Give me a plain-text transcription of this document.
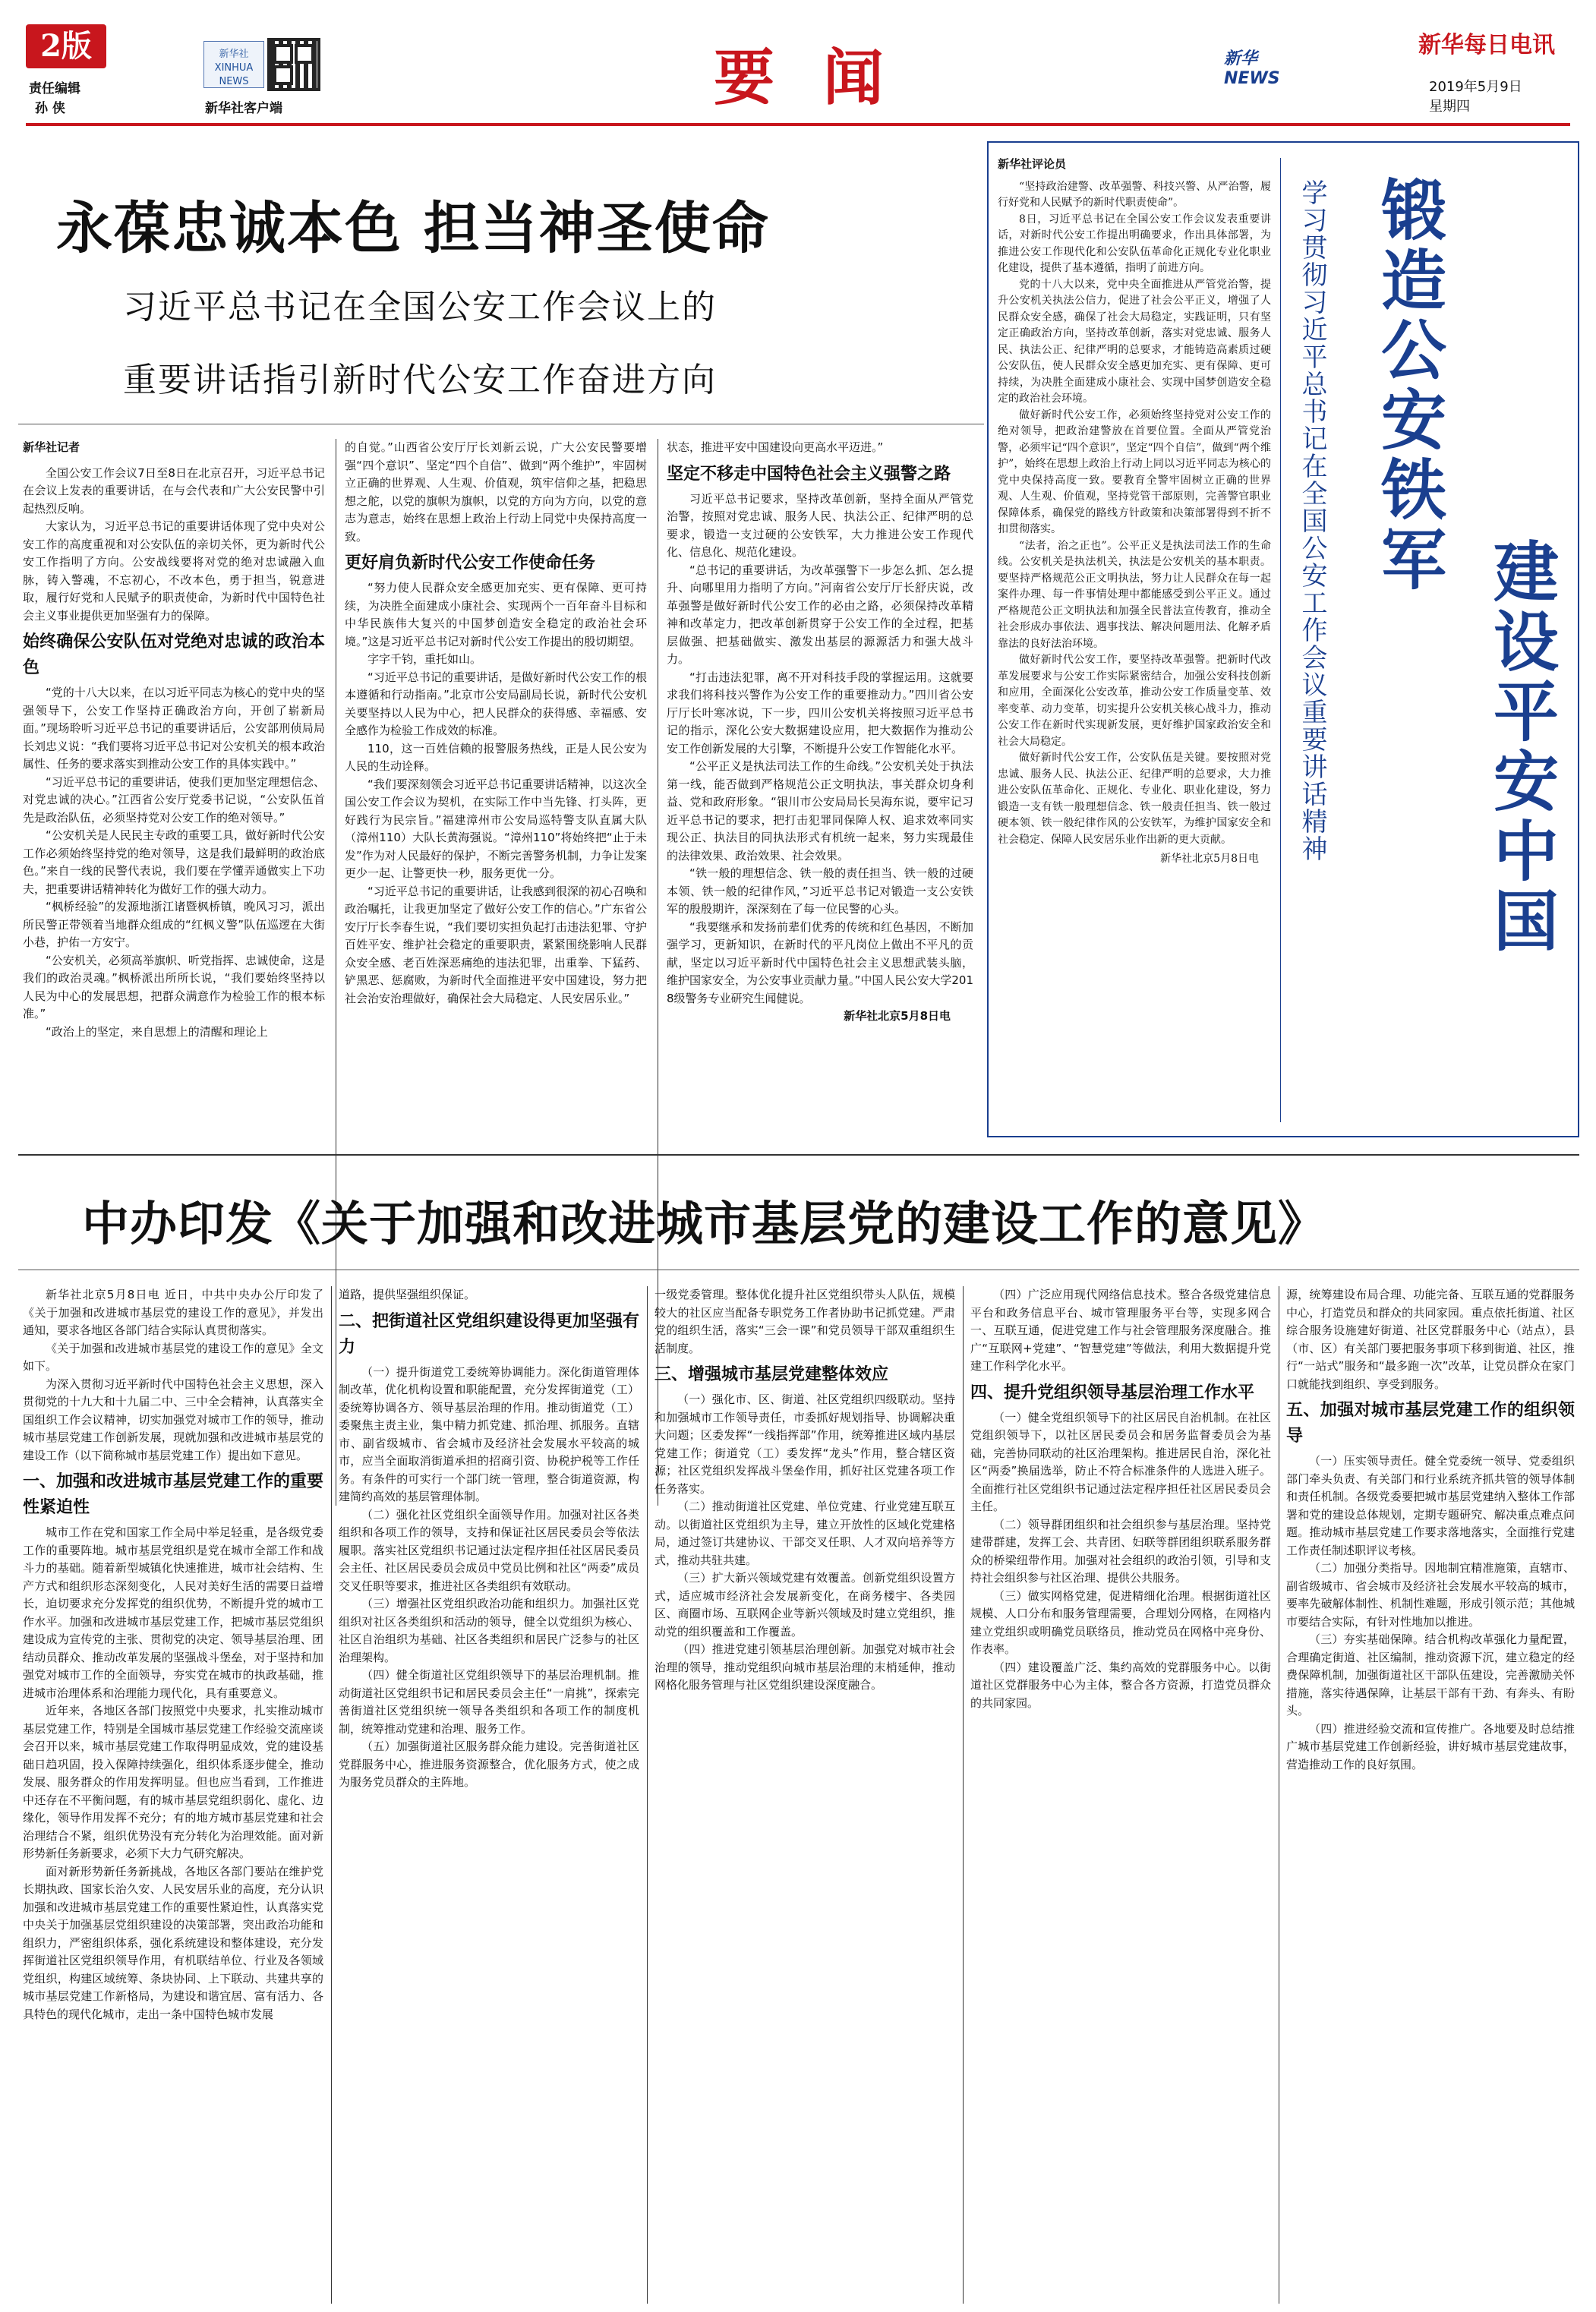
2版
责任编辑
孙 侠
新华社 XINHUA NEWS
新华社客户端	要 闻	新华NEWS
新华每日电讯
2019年5月9日
星期四
永葆忠诚本色 担当神圣使命
习近平总书记在全国公安工作会议上的
重要讲话指引新时代公安工作奋进方向
新华社记者

全国公安工作会议7日至8日在北京召开，习近平总书记在会议上发表的重要讲话，在与会代表和广大公安民警中引起热烈反响。

大家认为，习近平总书记的重要讲话体现了党中央对公安工作的高度重视和对公安队伍的亲切关怀，更为新时代公安工作指明了方向。公安战线要将对党的绝对忠诚融入血脉，铸入警魂，不忘初心，不改本色，勇于担当，锐意进取，履行好党和人民赋予的职责使命，为新时代中国特色社会主义事业提供更加坚强有力的保障。

始终确保公安队伍对党绝对忠诚的政治本色

“党的十八大以来，在以习近平同志为核心的党中央的坚强领导下，公安工作坚持正确政治方向，开创了崭新局面。”现场聆听习近平总书记的重要讲话后，公安部刑侦局局长刘忠义说：“我们要将习近平总书记对公安机关的根本政治属性、任务的要求落实到推动公安工作的具体实践中。”

“习近平总书记的重要讲话，使我们更加坚定理想信念、对党忠诚的决心。”江西省公安厅党委书记说，“公安队伍首先是政治队伍，必须坚持党对公安工作的绝对领导。”

“公安机关是人民民主专政的重要工具，做好新时代公安工作必须始终坚持党的绝对领导，这是我们最鲜明的政治底色。”来自一线的民警代表说，我们要在学懂弄通做实上下功夫，把重要讲话精神转化为做好工作的强大动力。

“枫桥经验”的发源地浙江诸暨枫桥镇，晚风习习，派出所民警正带领着当地群众组成的“红枫义警”队伍巡逻在大街小巷，护佑一方安宁。

“公安机关，必须高举旗帜、听党指挥、忠诚使命，这是我们的政治灵魂。”枫桥派出所所长说，“我们要始终坚持以人民为中心的发展思想，把群众满意作为检验工作的根本标准。”

“政治上的坚定，来自思想上的清醒和理论上

的自觉。”山西省公安厅厅长刘新云说，广大公安民警要增强“四个意识”、坚定“四个自信”、做到“两个维护”，牢固树立正确的世界观、人生观、价值观，筑牢信仰之基，把稳思想之舵，以党的旗帜为旗帜，以党的方向为方向，以党的意志为意志，始终在思想上政治上行动上同党中央保持高度一致。

更好肩负新时代公安工作使命任务

“努力使人民群众安全感更加充实、更有保障、更可持续，为决胜全面建成小康社会、实现两个一百年奋斗目标和中华民族伟大复兴的中国梦创造安全稳定的政治社会环境。”这是习近平总书记对新时代公安工作提出的殷切期望。

字字千钧，重托如山。

“习近平总书记的重要讲话，是做好新时代公安工作的根本遵循和行动指南。”北京市公安局副局长说，新时代公安机关要坚持以人民为中心，把人民群众的获得感、幸福感、安全感作为检验工作成效的标准。

110，这一百姓信赖的报警服务热线，正是人民公安为人民的生动诠释。

“我们要深刻领会习近平总书记重要讲话精神，以这次全国公安工作会议为契机，在实际工作中当先锋、打头阵，更好践行为民宗旨。”福建漳州市公安局巡特警支队直属大队（漳州110）大队长黄海强说。“漳州110”将始终把“止于未发”作为对人民最好的保护，不断完善警务机制，力争让发案更少一起、让警更快一秒，服务更优一分。

“习近平总书记的重要讲话，让我感到很深的初心召唤和政治嘱托，让我更加坚定了做好公安工作的信心。”广东省公安厅厅长李春生说，“我们要切实担负起打击违法犯罪、守护百姓平安、维护社会稳定的重要职责，紧紧围绕影响人民群众安全感、老百姓深恶痛绝的违法犯罪，出重拳、下猛药、铲黑恶、惩腐败，为新时代全面推进平安中国建设，努力把社会治安治理做好，确保社会大局稳定、人民安居乐业。”

状态，推进平安中国建设向更高水平迈进。”

坚定不移走中国特色社会主义强警之路

习近平总书记要求，坚持改革创新，坚持全面从严管党治警，按照对党忠诚、服务人民、执法公正、纪律严明的总要求，锻造一支过硬的公安铁军，大力推进公安工作现代化、信息化、规范化建设。

“总书记的重要讲话，为改革强警下一步怎么抓、怎么提升、向哪里用力指明了方向。”河南省公安厅厅长舒庆说，改革强警是做好新时代公安工作的必由之路，必须保持改革精神和改革定力，把改革创新贯穿于公安工作的全过程，把基层做强、把基础做实、激发出基层的源源活力和强大战斗力。

“打击违法犯罪，离不开对科技手段的掌握运用。这就要求我们将科技兴警作为公安工作的重要推动力。”四川省公安厅厅长叶寒冰说，下一步，四川公安机关将按照习近平总书记的指示，深化公安大数据建设应用，把大数据作为推动公安工作创新发展的大引擎，不断提升公安工作智能化水平。

“公平正义是执法司法工作的生命线。”公安机关处于执法第一线，能否做到严格规范公正文明执法，事关群众切身利益、党和政府形象。“银川市公安局局长吴海东说，要牢记习近平总书记的要求，把打击犯罪同保障人权、追求效率同实现公正、执法目的同执法形式有机统一起来，努力实现最佳的法律效果、政治效果、社会效果。

“铁一般的理想信念、铁一般的责任担当、铁一般的过硬本领、铁一般的纪律作风，”习近平总书记对锻造一支公安铁军的殷殷期许，深深刻在了每一位民警的心头。

“我要继承和发扬前辈们优秀的传统和红色基因，不断加强学习，更新知识，在新时代的平凡岗位上做出不平凡的贡献，坚定以习近平新时代中国特色社会主义思想武装头脑，维护国家安全，为公安事业贡献力量。”中国人民公安大学2018级警务专业研究生闻健说。

新华社北京5月8日电
新华社评论员

“坚持政治建警、改革强警、科技兴警、从严治警，履行好党和人民赋予的新时代职责使命”。

8日，习近平总书记在全国公安工作会议发表重要讲话，对新时代公安工作提出明确要求，作出具体部署，为推进公安工作现代化和公安队伍革命化正规化专业化职业化建设，提供了基本遵循，指明了前进方向。

党的十八大以来，党中央全面推进从严管党治警，提升公安机关执法公信力，促进了社会公平正义，增强了人民群众安全感，确保了社会大局稳定，实践证明，只有坚定正确政治方向，坚持改革创新，落实对党忠诚、服务人民、执法公正、纪律严明的总要求，才能铸造高素质过硬公安队伍，使人民群众安全感更加充实、更有保障、更可持续，为决胜全面建成小康社会、实现中国梦创造安全稳定的政治社会环境。

做好新时代公安工作，必须始终坚持党对公安工作的绝对领导，把政治建警放在首要位置。全面从严管党治警，必须牢记“四个意识”，坚定“四个自信”，做到“两个维护”，始终在思想上政治上行动上同以习近平同志为核心的党中央保持高度一致。要教育全警牢固树立正确的世界观、人生观、价值观，坚持党管干部原则，完善警官职业保障体系，确保党的路线方针政策和决策部署得到不折不扣贯彻落实。

“法者，治之正也”。公平正义是执法司法工作的生命线。公安机关是执法机关，执法是公安机关的基本职责。要坚持严格规范公正文明执法，努力让人民群众在每一起案件办理、每一件事情处理中都能感受到公平正义。通过严格规范公正文明执法和加强全民普法宣传教育，推动全社会形成办事依法、遇事找法、解决问题用法、化解矛盾靠法的良好法治环境。

做好新时代公安工作，要坚持改革强警。把新时代改革发展要求与公安工作实际紧密结合，加强公安科技创新和应用，全面深化公安改革，推动公安工作质量变革、效率变革、动力变革，切实提升公安机关核心战斗力，推动公安工作在新时代实现新发展，更好维护国家政治安全和社会大局稳定。

做好新时代公安工作，公安队伍是关键。要按照对党忠诚、服务人民、执法公正、纪律严明的总要求，大力推进公安队伍革命化、正规化、专业化、职业化建设，努力锻造一支有铁一般理想信念、铁一般责任担当、铁一般过硬本领、铁一般纪律作风的公安铁军，为维护国家安全和社会稳定、保障人民安居乐业作出新的更大贡献。

新华社北京5月8日电	学习贯彻习近平总书记在全国公安工作会议重要讲话精神 锻造公安铁军
建设平安中国
中办印发《关于加强和改进城市基层党的建设工作的意见》

新华社北京5月8日电 近日，中共中央办公厅印发了《关于加强和改进城市基层党的建设工作的意见》，并发出通知，要求各地区各部门结合实际认真贯彻落实。

《关于加强和改进城市基层党的建设工作的意见》全文如下。

为深入贯彻习近平新时代中国特色社会主义思想，深入贯彻党的十九大和十九届二中、三中全会精神，认真落实全国组织工作会议精神，切实加强党对城市工作的领导，推动城市基层党建工作创新发展，现就加强和改进城市基层党的建设工作（以下简称城市基层党建工作）提出如下意见。

一、加强和改进城市基层党建工作的重要性紧迫性

城市工作在党和国家工作全局中举足轻重，是各级党委工作的重要阵地。城市基层党组织是党在城市全部工作和战斗力的基础。随着新型城镇化快速推进，城市社会结构、生产方式和组织形态深刻变化，人民对美好生活的需要日益增长，迫切要求充分发挥党的组织优势，不断提升党的城市工作水平。加强和改进城市基层党建工作，把城市基层党组织建设成为宣传党的主张、贯彻党的决定、领导基层治理、团结动员群众、推动改革发展的坚强战斗堡垒，对于坚持和加强党对城市工作的全面领导，夯实党在城市的执政基础，推进城市治理体系和治理能力现代化，具有重要意义。

近年来，各地区各部门按照党中央要求，扎实推动城市基层党建工作，特别是全国城市基层党建工作经验交流座谈会召开以来，城市基层党建工作取得明显成效，党的建设基础日趋巩固，投入保障持续强化，组织体系逐步健全，推动发展、服务群众的作用发挥明显。但也应当看到，工作推进中还存在不平衡问题，有的城市基层党组织弱化、虚化、边缘化，领导作用发挥不充分；有的地方城市基层党建和社会治理结合不紧，组织优势没有充分转化为治理效能。面对新形势新任务新要求，必须下大力气研究解决。

面对新形势新任务新挑战，各地区各部门要站在维护党长期执政、国家长治久安、人民安居乐业的高度，充分认识加强和改进城市基层党建工作的重要性紧迫性，认真落实党中央关于加强基层党组织建设的决策部署，突出政治功能和组织力，严密组织体系，强化系统建设和整体建设，充分发挥街道社区党组织领导作用，有机联结单位、行业及各领域党组织，构建区域统筹、条块协同、上下联动、共建共享的城市基层党建工作新格局，为建设和谐宜居、富有活力、各具特色的现代化城市，走出一条中国特色城市发展

道路，提供坚强组织保证。

二、把街道社区党组织建设得更加坚强有力

（一）提升街道党工委统筹协调能力。深化街道管理体制改革，优化机构设置和职能配置，充分发挥街道党（工）委统筹协调各方、领导基层治理的作用。推动街道党（工）委聚焦主责主业，集中精力抓党建、抓治理、抓服务。直辖市、副省级城市、省会城市及经济社会发展水平较高的城市，应当全面取消街道承担的招商引资、协税护税等工作任务。有条件的可实行一个部门统一管理，整合街道资源，构建简约高效的基层管理体制。

（二）强化社区党组织全面领导作用。加强对社区各类组织和各项工作的领导，支持和保证社区居民委员会等依法履职。落实社区党组织书记通过法定程序担任社区居民委员会主任、社区居民委员会成员中党员比例和社区“两委”成员交叉任职等要求，推进社区各类组织有效联动。

（三）增强社区党组织政治功能和组织力。加强社区党组织对社区各类组织和活动的领导，健全以党组织为核心、社区自治组织为基础、社区各类组织和居民广泛参与的社区治理架构。

（四）健全街道社区党组织领导下的基层治理机制。推动街道社区党组织书记和居民委员会主任“一肩挑”，探索完善街道社区党组织统一领导各类组织和各项工作的制度机制，统筹推动党建和治理、服务工作。

（五）加强街道社区服务群众能力建设。完善街道社区党群服务中心，推进服务资源整合，优化服务方式，使之成为服务党员群众的主阵地。

一级党委管理。整体优化提升社区党组织带头人队伍，规模较大的社区应当配备专职党务工作者协助书记抓党建。严肃党的组织生活，落实“三会一课”和党员领导干部双重组织生活制度。

三、增强城市基层党建整体效应

（一）强化市、区、街道、社区党组织四级联动。坚持和加强城市工作领导责任，市委抓好规划指导、协调解决重大问题；区委发挥“一线指挥部”作用，统筹推进区域内基层党建工作；街道党（工）委发挥“龙头”作用，整合辖区资源；社区党组织发挥战斗堡垒作用，抓好社区党建各项工作任务落实。

（二）推动街道社区党建、单位党建、行业党建互联互动。以街道社区党组织为主导，建立开放性的区域化党建格局，通过签订共建协议、干部交叉任职、人才双向培养等方式，推动共驻共建。

（三）扩大新兴领域党建有效覆盖。创新党组织设置方式，适应城市经济社会发展新变化，在商务楼宇、各类园区、商圈市场、互联网企业等新兴领域及时建立党组织，推动党的组织覆盖和工作覆盖。

（四）推进党建引领基层治理创新。加强党对城市社会治理的领导，推动党组织向城市基层治理的末梢延伸，推动网格化服务管理与社区党组织建设深度融合。

（四）广泛应用现代网络信息技术。整合各级党建信息平台和政务信息平台、城市管理服务平台等，实现多网合一、互联互通，促进党建工作与社会管理服务深度融合。推广“互联网+党建”、“智慧党建”等做法，利用大数据提升党建工作科学化水平。

四、提升党组织领导基层治理工作水平

（一）健全党组织领导下的社区居民自治机制。在社区党组织领导下，以社区居民委员会和居务监督委员会为基础，完善协同联动的社区治理架构。推进居民自治，深化社区“两委”换届选举，防止不符合标准条件的人选进入班子。全面推行社区党组织书记通过法定程序担任社区居民委员会主任。

（二）领导群团组织和社会组织参与基层治理。坚持党建带群建，发挥工会、共青团、妇联等群团组织联系服务群众的桥梁纽带作用。加强对社会组织的政治引领，引导和支持社会组织参与社区治理、提供公共服务。

（三）做实网格党建，促进精细化治理。根据街道社区规模、人口分布和服务管理需要，合理划分网格，在网格内建立党组织或明确党员联络员，推动党员在网格中亮身份、作表率。

（四）建设覆盖广泛、集约高效的党群服务中心。以街道社区党群服务中心为主体，整合各方资源，打造党员群众的共同家园。

源，统筹建设布局合理、功能完备、互联互通的党群服务中心，打造党员和群众的共同家园。重点依托街道、社区综合服务设施建好街道、社区党群服务中心（站点），县（市、区）有关部门要把服务事项下移到街道、社区，推行“一站式”服务和“最多跑一次”改革，让党员群众在家门口就能找到组织、享受到服务。

五、加强对城市基层党建工作的组织领导

（一）压实领导责任。健全党委统一领导、党委组织部门牵头负责、有关部门和行业系统齐抓共管的领导体制和责任机制。各级党委要把城市基层党建纳入整体工作部署和党的建设总体规划，定期专题研究、解决重点难点问题。推动城市基层党建工作要求落地落实，全面推行党建工作责任制述职评议考核。

（二）加强分类指导。因地制宜精准施策，直辖市、副省级城市、省会城市及经济社会发展水平较高的城市，要率先破解体制性、机制性难题，形成引领示范；其他城市要结合实际，有针对性地加以推进。

（三）夯实基础保障。结合机构改革强化力量配置，合理确定街道、社区编制，推动资源下沉，建立稳定的经费保障机制，加强街道社区干部队伍建设，完善激励关怀措施，落实待遇保障，让基层干部有干劲、有奔头、有盼头。

（四）推进经验交流和宣传推广。各地要及时总结推广城市基层党建工作创新经验，讲好城市基层党建故事，营造推动工作的良好氛围。
